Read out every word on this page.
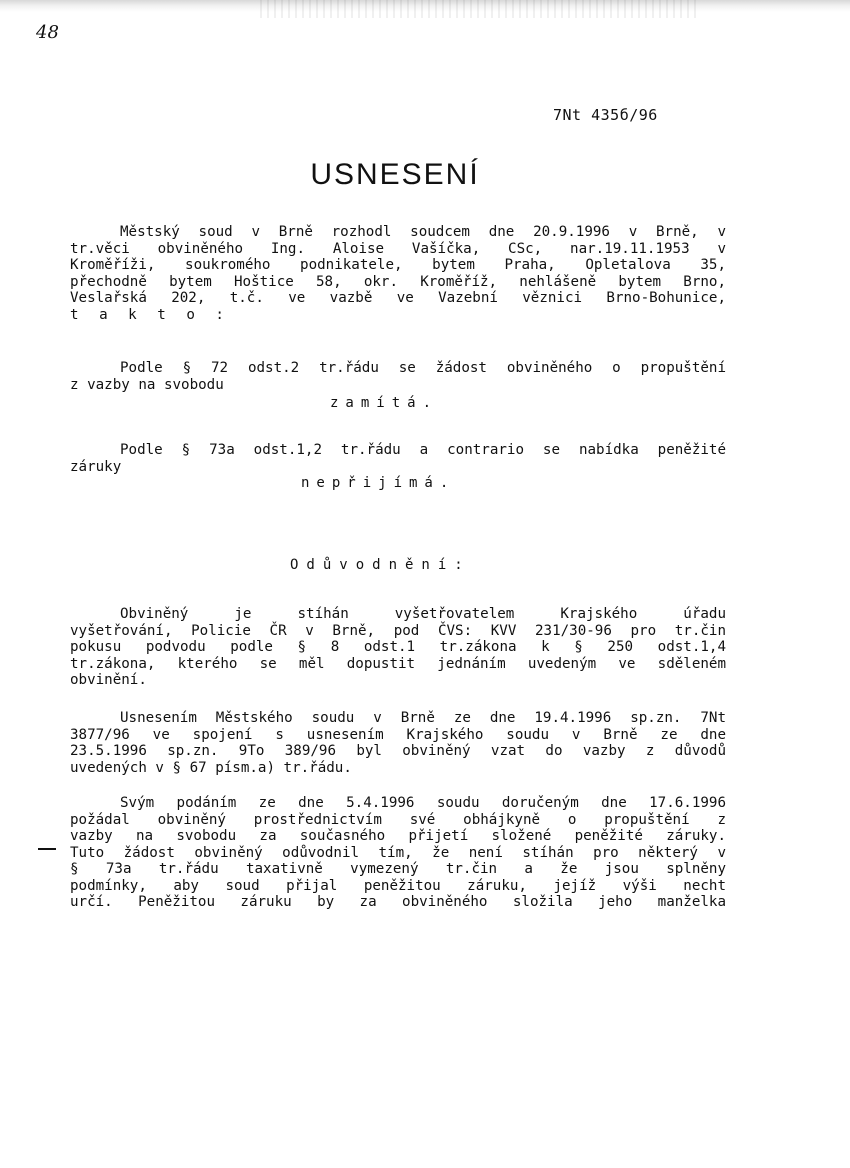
48
7Nt 435б/96
USNESENÍ
Městský soud v Brně rozhodl soudcem dne 20.9.1996 v Brně, v
tr.věci obviněného Ing. Aloise Vašíčka, CSc, nar.19.11.1953 v
Kroměříži, soukromého podnikatele, bytem Praha, Opletalova 35,
přechodně bytem Hoštice 58, okr. Kroměříž, nehlášeně bytem Brno,
Veslařská 202, t.č. ve vazbě ve Vazební věznici Brno-Bohunice,
t a k t o :
Podle § 72 odst.2 tr.řádu se žádost obviněného o propuštění
z vazby na svobodu
zamítá.
Podle § 73a odst.1,2 tr.řádu a contrario se nabídka peněžité
záruky
nepřijímá.
Odůvodnění:
Obviněný je stíhán vyšetřovatelem Krajského úřadu
vyšetřování, Policie ČR v Brně, pod ČVS: KVV 231/30-96 pro tr.čin
pokusu podvodu podle § 8 odst.1 tr.zákona k § 250 odst.1,4
tr.zákona, kterého se měl dopustit jednáním uvedeným ve sděleném
obvinění.
Usnesením Městského soudu v Brně ze dne 19.4.1996 sp.zn. 7Nt
3877/96 ve spojení s usnesením Krajského soudu v Brně ze dne
23.5.1996 sp.zn. 9To 389/96 byl obviněný vzat do vazby z důvodů
uvedených v § 67 písm.a) tr.řádu.
Svým podáním ze dne 5.4.1996 soudu doručeným dne 17.6.1996
požádal obviněný prostřednictvím své obhájkyně o propuštění z
vazby na svobodu za současného přijetí složené peněžité záruky.
Tuto žádost obviněný odůvodnil tím, že není stíhán pro některý v
§ 73a tr.řádu taxativně vymezený tr.čin a že jsou splněny
podmínky, aby soud přijal peněžitou záruku, jejíž výši necht
určí. Peněžitou záruku by za obviněného složila jeho manželka
